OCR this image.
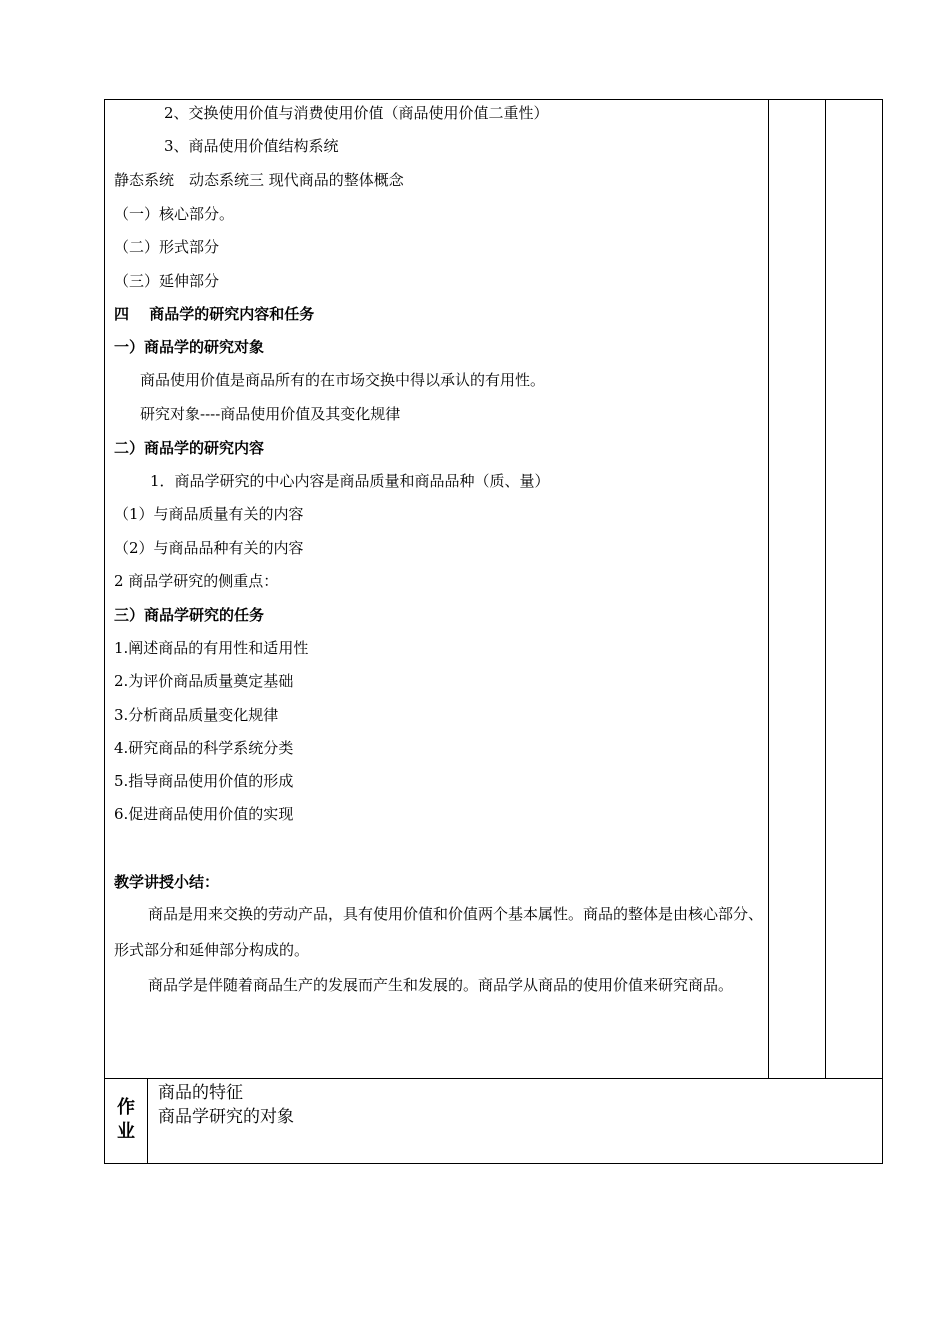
2、交换使用价值与消费使用价值（商品使用价值二重性）
3、商品使用价值结构系统
静态系统　动态系统三 现代商品的整体概念
（一）核心部分。
（二）形式部分
（三）延伸部分
四　 商品学的研究内容和任务
一）商品学的研究对象
商品使用价值是商品所有的在市场交换中得以承认的有用性。
研究对象----商品使用价值及其变化规律
二）商品学的研究内容
1．商品学研究的中心内容是商品质量和商品品种（质、量）
（1）与商品质量有关的内容
（2）与商品品种有关的内容
2 商品学研究的侧重点：
三）商品学研究的任务
1.阐述商品的有用性和适用性
2.为评价商品质量奠定基础
3.分析商品质量变化规律
4.研究商品的科学系统分类
5.指导商品使用价值的形成
6.促进商品使用价值的实现
教学讲授小结：
商品是用来交换的劳动产品，具有使用价值和价值两个基本属性。商品的整体是由核心部分、形式部分和延伸部分构成的。
商品学是伴随着商品生产的发展而产生和发展的。商品学从商品的使用价值来研究商品。
作
业
商品的特征
商品学研究的对象
